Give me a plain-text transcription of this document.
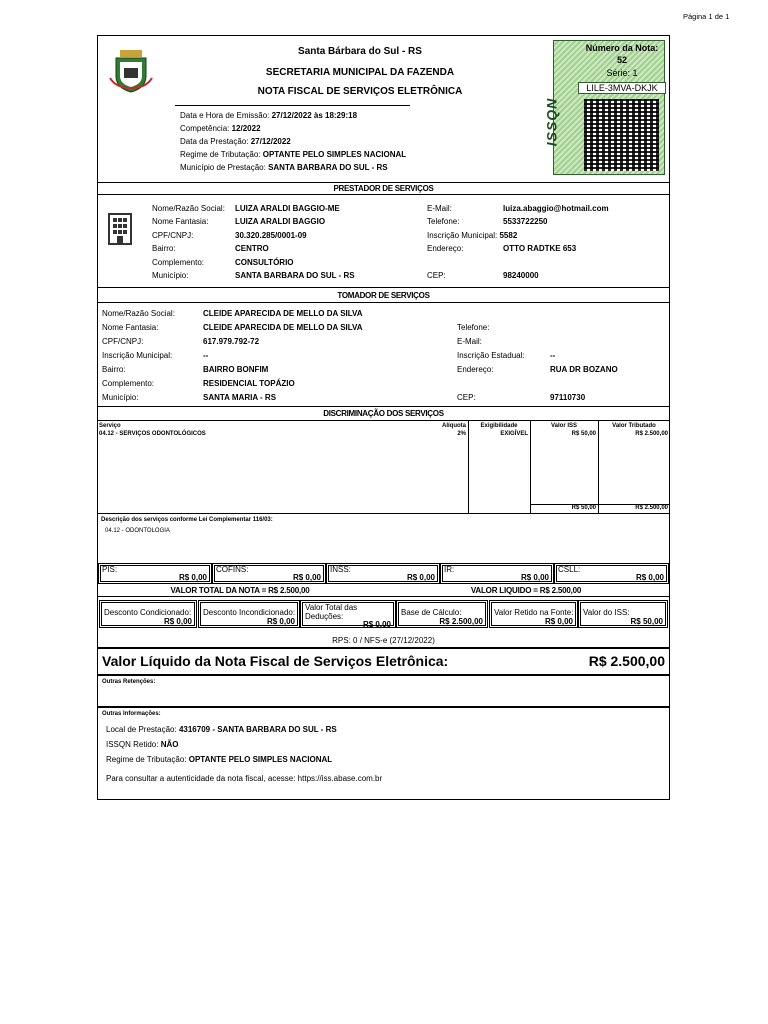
Página 1 de 1
Santa Bárbara do Sul - RS
SECRETARIA MUNICIPAL DA FAZENDA
NOTA FISCAL DE SERVIÇOS ELETRÔNICA
Data e Hora de Emissão: 27/12/2022 às 18:29:18
Competência: 12/2022
Data da Prestação: 27/12/2022
Regime de Tributação: OPTANTE PELO SIMPLES NACIONAL
Município de Prestação: SANTA BARBARA DO SUL - RS
ISSQN
Número da Nota:
52
Série: 1
LILE-3MVA-DKJK
PRESTADOR DE SERVIÇOS
Nome/Razão Social: LUIZA ARALDI BAGGIO-ME
Nome Fantasia:	LUIZA ARALDI BAGGIO
CPF/CNPJ:	30.320.285/0001-09
Bairro:	CENTRO
Complemento:	CONSULTÓRIO
Município:	SANTA BARBARA DO SUL - RS
E-Mail:	luiza.abaggio@hotmail.com
Telefone:	5533722250
Inscrição Municipal: 5582
Endereço:	OTTO RADTKE 653
CEP:	98240000
TOMADOR DE SERVIÇOS
Nome/Razão Social:	CLEIDE APARECIDA DE MELLO DA SILVA
Nome Fantasia:	CLEIDE APARECIDA DE MELLO DA SILVA
CPF/CNPJ:	617.979.792-72
Inscrição Municipal:	--
Bairro:	BAIRRO BONFIM
Complemento:	RESIDENCIAL TOPÁZIO
Município:	SANTA MARIA - RS
Telefone:
E-Mail:
Inscrição Estadual:	--
Endereço:	RUA DR BOZANO
CEP:	97110730
DISCRIMINAÇÃO DOS SERVIÇOS
Serviço	Alíquota	Exigibilidade	Valor ISS	Valor Tributado
04.12 - SERVIÇOS ODONTOLÓGICOS	2%	EXIGÍVEL	R$ 50,00	R$ 2.500,00
R$ 50,00	R$ 2.500,00
Descrição dos serviços conforme Lei Complementar 116/03:
04.12 - ODONTOLOGIA
PIS:
R$ 0,00
COFINS:
R$ 0,00
INSS:
R$ 0,00
IR:
R$ 0,00
CSLL:
R$ 0,00
VALOR TOTAL DA NOTA = R$ 2.500,00	VALOR LIQUIDO = R$ 2.500,00
Desconto Condicionado:
R$ 0,00
Desconto Incondicionado:
R$ 0,00
Valor Total das Deduções:
R$ 0,00
Base de Cálculo:
R$ 2.500,00
Valor Retido na Fonte:
R$ 0,00
Valor do ISS:
R$ 50,00
RPS: 0 / NFS-e (27/12/2022)
Valor Líquido da Nota Fiscal de Serviços Eletrônica:	R$ 2.500,00
Outras Retenções:
Outras Informações:
Local de Prestação: 4316709 - SANTA BARBARA DO SUL - RS
ISSQN Retido: NÃO
Regime de Tributação: OPTANTE PELO SIMPLES NACIONAL
Para consultar a autenticidade da nota fiscal, acesse: https://iss.abase.com.br
